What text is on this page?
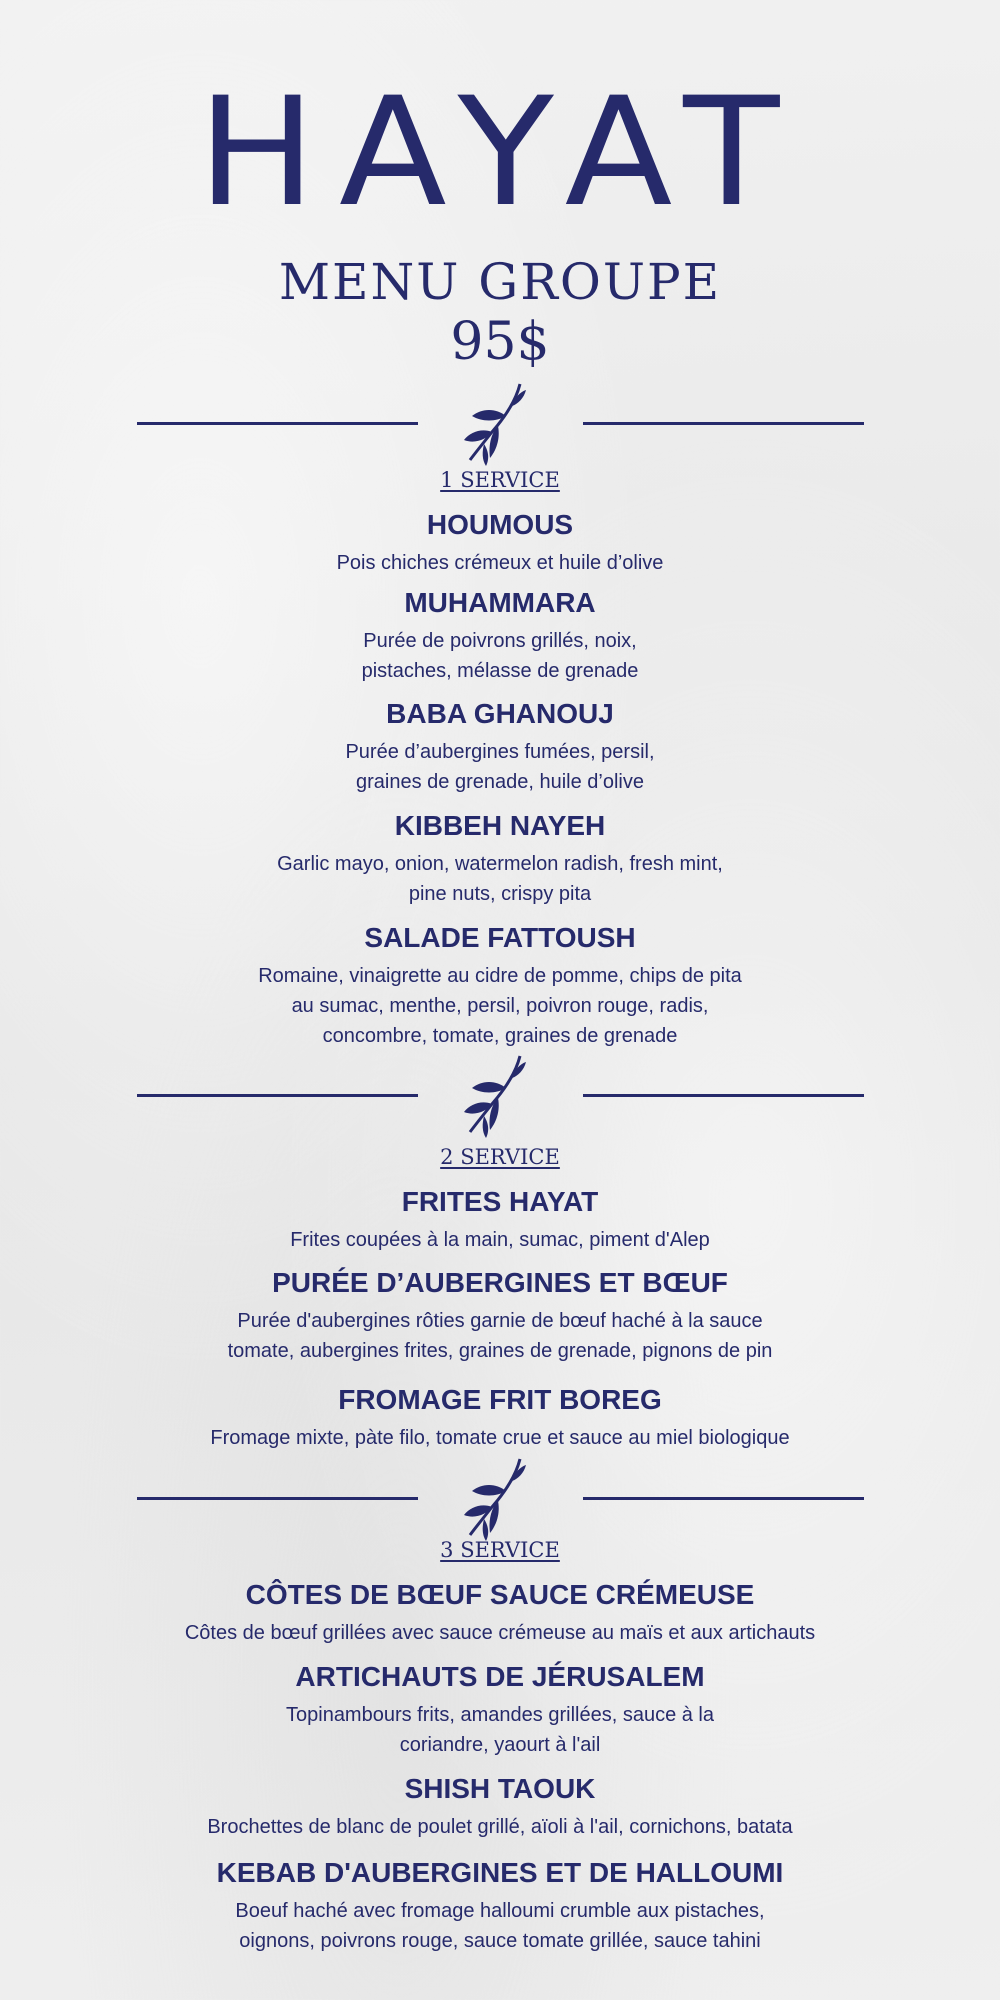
HAYAT
MENU GROUPE
95$
1 SERVICE
HOUMOUS

Pois chiches crémeux et huile d’olive

MUHAMMARA

Purée de poivrons grillés, noix,
pistaches, mélasse de grenade

BABA GHANOUJ

Purée d’aubergines fumées, persil,
graines de grenade, huile d’olive

KIBBEH NAYEH

Garlic mayo, onion, watermelon radish, fresh mint,
pine nuts, crispy pita

SALADE FATTOUSH

Romaine, vinaigrette au cidre de pomme, chips de pita
au sumac, menthe, persil, poivron rouge, radis,
concombre, tomate, graines de grenade

2 SERVICE
FRITES HAYAT

Frites coupées à la main, sumac, piment d'Alep

PURÉE D’AUBERGINES ET BŒUF

Purée d'aubergines rôties garnie de bœuf haché à la sauce
tomate, aubergines frites, graines de grenade, pignons de pin

FROMAGE FRIT BOREG

Fromage mixte, pàte filo, tomate crue et sauce au miel biologique

3 SERVICE
CÔTES DE BŒUF SAUCE CRÉMEUSE

Côtes de bœuf grillées avec sauce crémeuse au maïs et aux artichauts

ARTICHAUTS DE JÉRUSALEM

Topinambours frits, amandes grillées, sauce à la
coriandre, yaourt à l'ail

SHISH TAOUK

Brochettes de blanc de poulet grillé, aïoli à l'ail, cornichons, batata

KEBAB D'AUBERGINES ET DE HALLOUMI

Boeuf haché avec fromage halloumi crumble aux pistaches,
oignons, poivrons rouge, sauce tomate grillée, sauce tahini
